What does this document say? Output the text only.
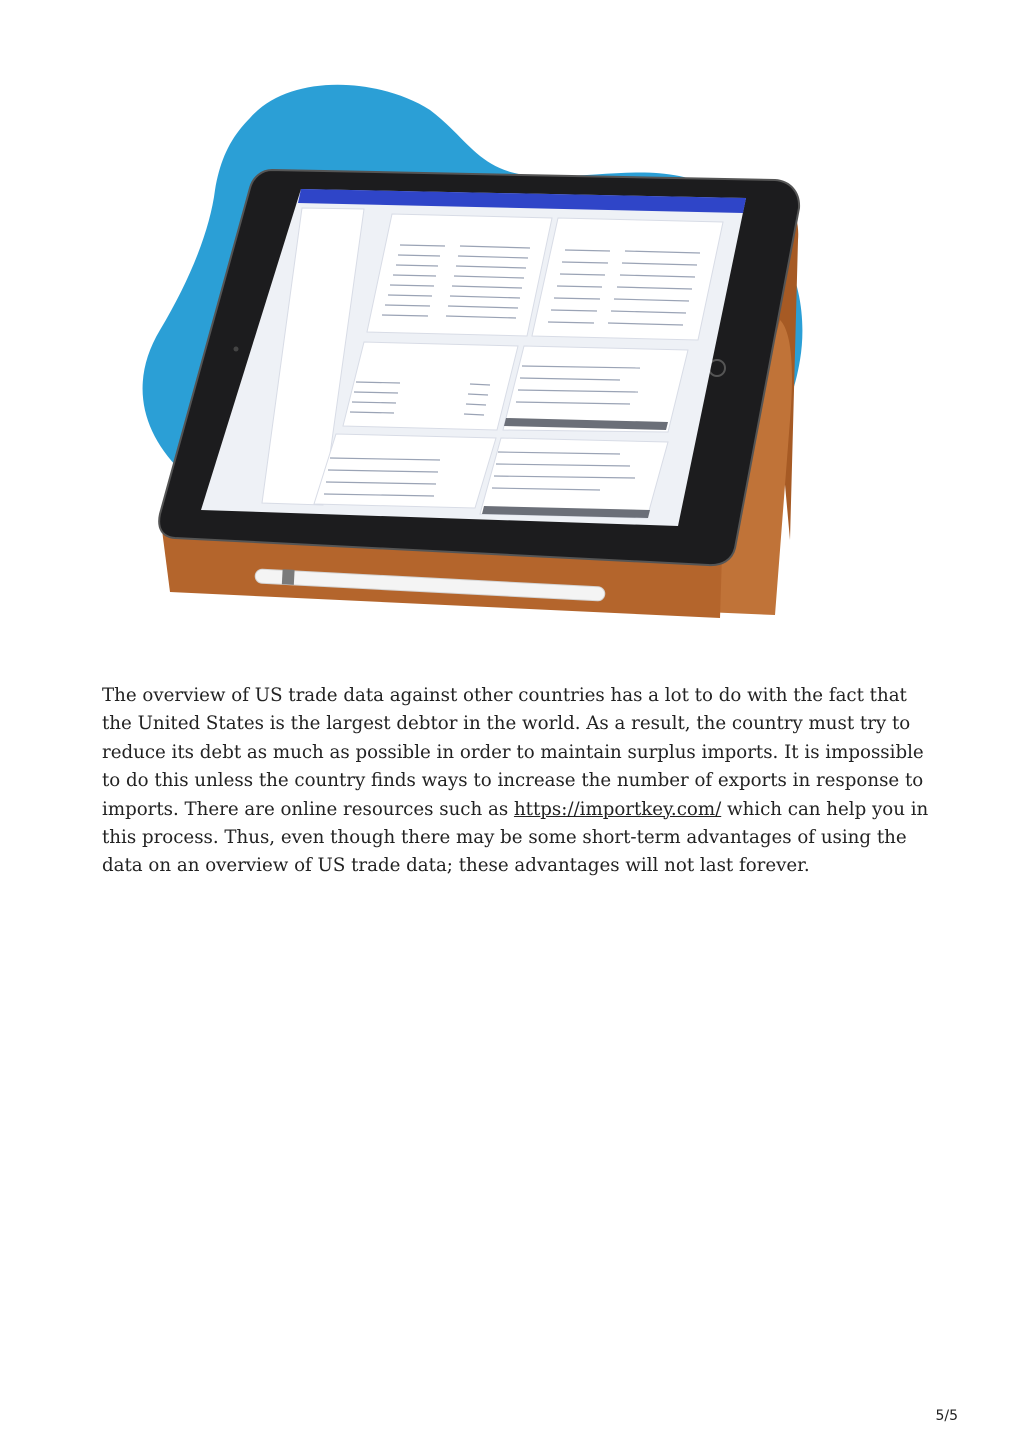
The overview of US trade data against other countries has a lot to do with the fact that the United States is the largest debtor in the world. As a result, the country must try to reduce its debt as much as possible in order to maintain surplus imports. It is impossible to do this unless the country finds ways to increase the number of exports in response to imports. There are online resources such as https://importkey.com/ which can help you in this process. Thus, even though there may be some short-term advantages of using the data on an overview of US trade data; these advantages will not last forever.

5/5
